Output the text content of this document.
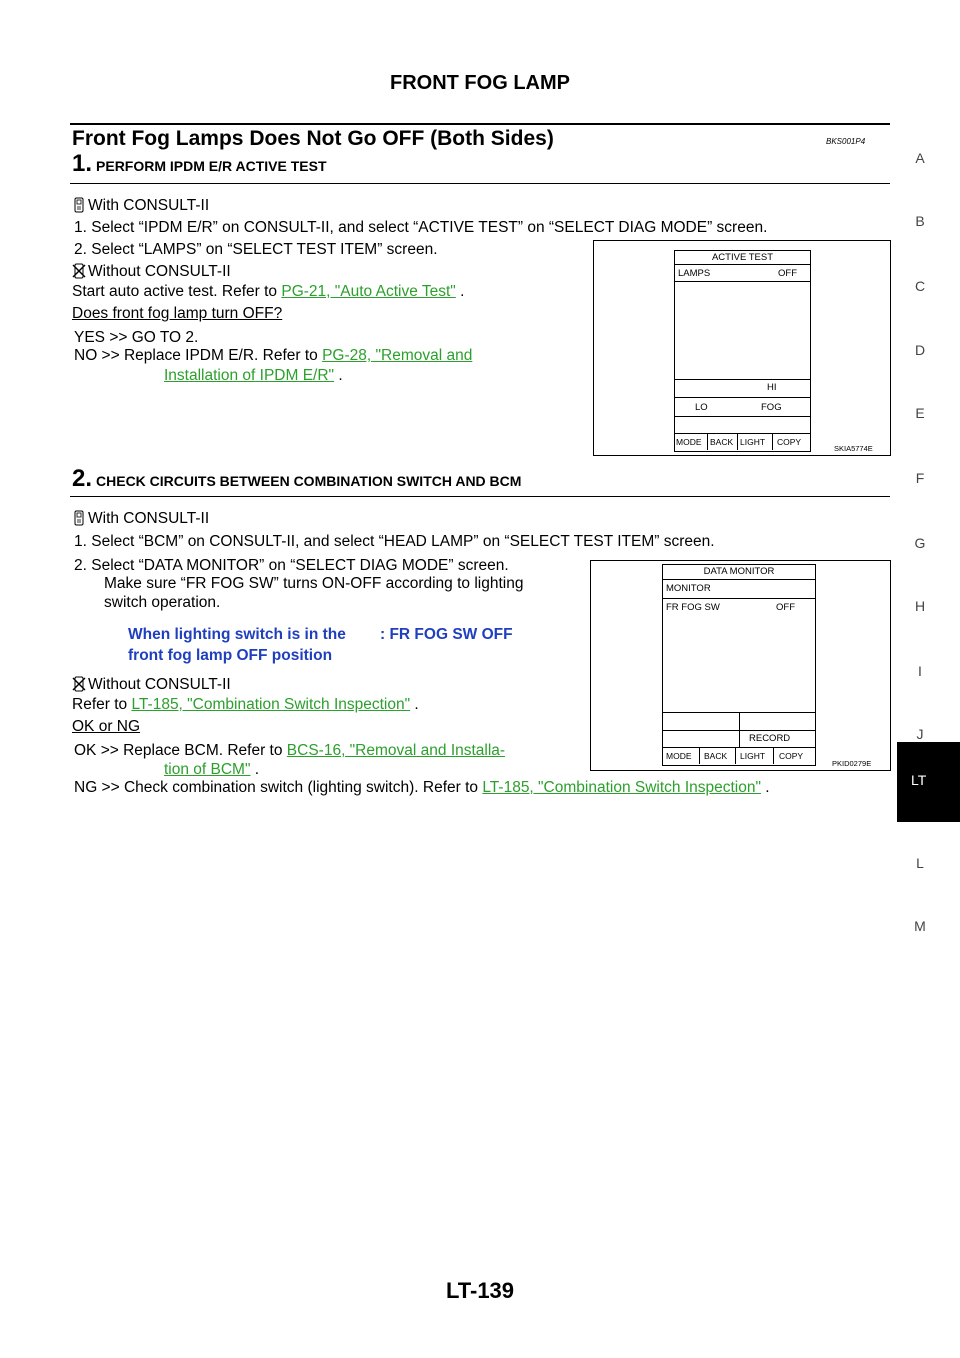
FRONT FOG LAMP
Front Fog Lamps Does Not Go OFF (Both Sides)	BKS001P4
1. PERFORM IPDM E/R ACTIVE TEST
With CONSULT-II
1. Select “IPDM E/R” on CONSULT-II, and select “ACTIVE TEST” on “SELECT DIAG MODE” screen.
2. Select “LAMPS” on “SELECT TEST ITEM” screen.
Without CONSULT-II
Start auto active test. Refer to PG-21, "Auto Active Test" .
Does front fog lamp turn OFF?
YES >> GO TO 2.
NO >> Replace IPDM E/R. Refer to PG-28, "Removal and
Installation of IPDM E/R" .
ACTIVE TEST
LAMPS	OFF
HI
LO	FOG
MODE BACK LIGHT COPY
SKIA5774E
2. CHECK CIRCUITS BETWEEN COMBINATION SWITCH AND BCM
With CONSULT-II
1. Select “BCM” on CONSULT-II, and select “HEAD LAMP” on “SELECT TEST ITEM” screen.
2. Select “DATA MONITOR” on “SELECT DIAG MODE” screen.
Make sure “FR FOG SW” turns ON-OFF according to lighting
switch operation.
When lighting switch is in the
front fog lamp OFF position
: FR FOG SW OFF
Without CONSULT-II
Refer to LT-185, "Combination Switch Inspection" .
OK or NG
OK >> Replace BCM. Refer to BCS-16, "Removal and Installa-
tion of BCM" .
NG >> Check combination switch (lighting switch). Refer to LT-185, "Combination Switch Inspection" .
DATA MONITOR
MONITOR
FR FOG SW	OFF
RECORD
MODE BACK LIGHT COPY
PKID0279E
A
B
C
D
E
F
G
H
I
J
LT
L
M
LT-139
